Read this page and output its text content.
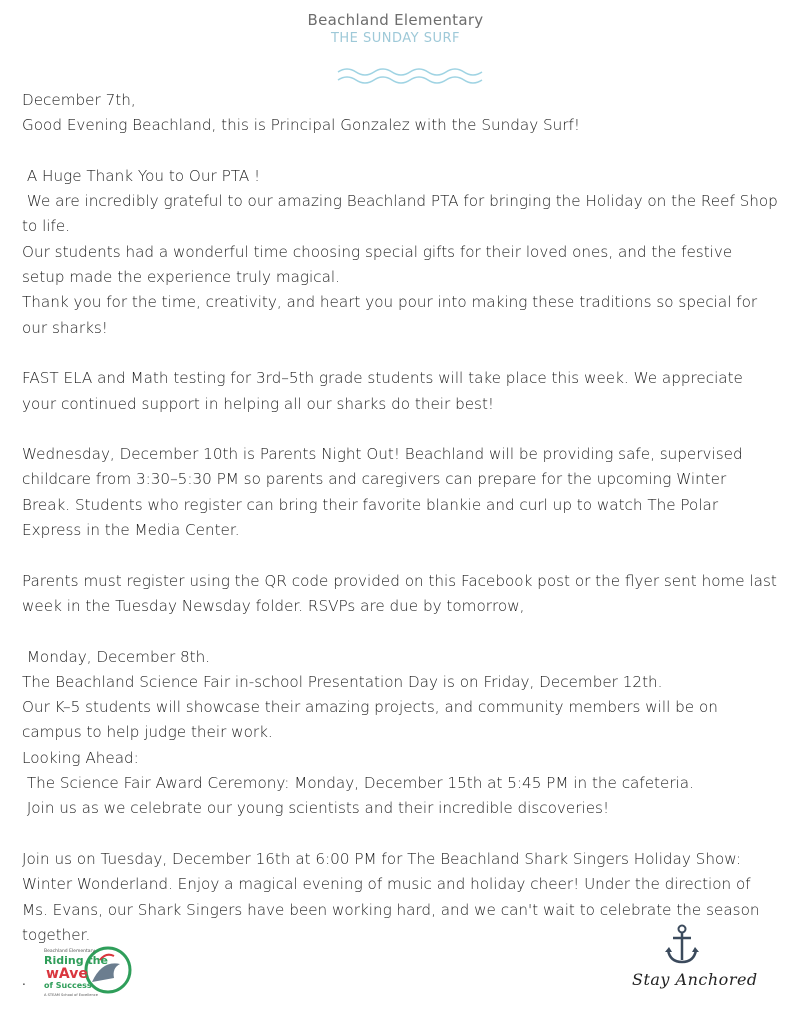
Beachland Elementary
THE SUNDAY SURF

December 7th,

Good Evening Beachland, this is Principal Gonzalez with the Sunday Surf!

A Huge Thank You to Our PTA !

We are incredibly grateful to our amazing Beachland PTA for bringing the Holiday on the Reef Shop to life.

Our students had a wonderful time choosing special gifts for their loved ones, and the festive setup made the experience truly magical.

Thank you for the time, creativity, and heart you pour into making these traditions so special for our sharks!

FAST ELA and Math testing for 3rd–5th grade students will take place this week. We appreciate your continued support in helping all our sharks do their best!

Wednesday, December 10th is Parents Night Out! Beachland will be providing safe, supervised childcare from 3:30–5:30 PM so parents and caregivers can prepare for the upcoming Winter Break. Students who register can bring their favorite blankie and curl up to watch The Polar Express in the Media Center.

Parents must register using the QR code provided on this Facebook post or the flyer sent home last week in the Tuesday Newsday folder. RSVPs are due by tomorrow,

Monday, December 8th.

The Beachland Science Fair in-school Presentation Day is on Friday, December 12th.

Our K–5 students will showcase their amazing projects, and community members will be on campus to help judge their work.

Looking Ahead:

The Science Fair Award Ceremony: Monday, December 15th at 5:45 PM in the cafeteria.

Join us as we celebrate our young scientists and their incredible discoveries!

Join us on Tuesday, December 16th at 6:00 PM for The Beachland Shark Singers Holiday Show: Winter Wonderland. Enjoy a magical evening of music and holiday cheer! Under the direction of Ms. Evans, our Shark Singers have been working hard, and we can't wait to celebrate the season together.

.
Beachland Elementary
Riding the
wAve
of Success
A STEAM School of Excellence
Stay Anchored
